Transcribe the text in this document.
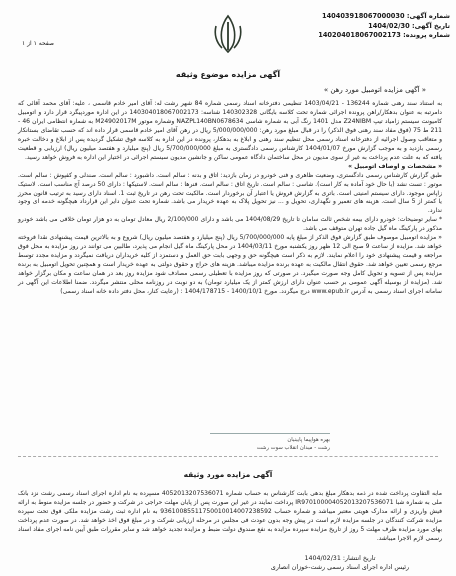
شماره آگهی: 140403918067000030
تاریخ آگهی: 1404/02/30
شماره پرونده: 140204018067002173
صفحه ۱ از ۱
آگهی مزایده موضوع وثیقه
« آگهی مزایده اتومبیل مورد رهن »

به استناد سند رهنی شماره 136244 - 1403/04/21 تنظیمی دفترخانه اسناد رسمی شماره 84 شهر رشت له: آقای امیر خادم قاسمی ، علیه: آقای محمد آقائی که دامرتبه به عنوان بدهکار/راهن پرونده اجرائی شماره تحت کلاسه بایگانی 140302328 شناسه: 140304018067002173 در این اداره موردپیگرد قرار دارد و اتومبیل کامیونت سیستم زامیاد تیپ Z24NIBM مدل 1401 رنگ آبی به شماره شاسی NAZPL140BN0678634 وشماره موتور M24902017M به شماره انتظامی ایران 46 - 211 ط 75 (فوق مفاد سند رهنی فوق الذکر) را در قبال مبلغ مورد رهن: 5/000/000/000 ریال در رهن آقای امیر خادم قاسمی قرار داده اند که حسب تقاضای بستانکار و متعاقب وصول اجرائیه از دفترخانه اسناد رسمی محل تنظیم سند رهنی و ابلاغ به بدهکار، پرونده در این اداره به کلاسه فوق تشکیل گردیده پس از ابلاغ و دخالت خبره رسمی بازدید و به موجب گزارش مورخ 1404/01/07 کارشناس رسمی دادگستری به مبلغ 5/700/000/000 ریال (پنج میلیارد و هفتصد میلیون ریال) ارزیابی و قطعیت یافته که به علت عدم پرداخت به غیر از سوی مدیون در محل ساختمان دادگاه عمومی ساکن و جانشین مدیون سیستم اجرائی در اختیار این اداره به فروش خواهد رسید.

« مشخصات و اوصاف اتومبیل »

طبق گزارش کارشناس رسمی دادگستری، وضعیت ظاهری و فنی خودرو در زمان بازدید: اتاق و بدنه : سالم است. داشبورد : سالم است. صندلی و کفپوش : سالم است. موتور : تست نشد (با حال خود آماده به کار است). شاسی : سالم است. تاریخ اتاق : سالم است. فنرها : سالم است. لاستیکها : دارای 50 درصد آج مناسب است. لاستیک زاپاس موجود. دارای سیستم امنیتی است. باتری به گزارش فروش یا اعتبار آن برخوردار است. مالکیت تحت رهن در تاریخ ثبت 1. اسناد دارای رسید به ترتیب قانون محرز یا کمتر از 5 سال است. هزینه های تعمیر و نگهداری، تحویل و ... نیز تحویل پلاک به عهده خریدار می باشد. شماره تحت عنوان دایر این قرارداد هیچگونه خدمه ای وجود ندارد.

* سایر توضیحات: خودرو دارای بیمه شخص ثالث سامان تا تاریخ 1404/08/29 می باشد و دارای 2/100/000 ریال معادل تومان به دو هزار تومان خلافی می باشد خودرو مذکور در پارکینگ ماه گیل جاده تهران متوقف می باشد.

« مزایده اتومبیل موصوف طبق گزارش فوق الذکر از مبلغ پایه 5/700/000/000 ریال (پنج میلیارد و هفتصد میلیون ریال) شروع و به بالاترین قیمت پیشنهادی نقدا فروخته خواهد شد. مزایده از ساعت 9 صبح الی 12 ظهر روز یکشنبه مورخ 1404/03/11 در محل پارکینگ ماه گیل انجام می پذیرد، طالبین می توانند در روز مزایده به محل فوق مراجعه و قیمت پیشنهادی خود را اعلام نمایند. لازم به ذکر است هیچگونه حق و وجهی بابت حق العمل و دستمزد از کلیه خریداران دریافت نمیگردد و مزایده مجدد توسط مرجع رسمی تعیین خواهد شد. حقوق انتقال مالکیت به عهده برنده مزایده میباشد. هزینه های حراج و حقوق دولتی به عهده خریدار است و همچنین تحویل اتومبیل به برنده مزایده پس از تسویه و تحویل کامل وجه صورت میگیرد. در صورتی که روز مزایده با تعطیلی رسمی مصادف شود مزایده روز بعد در همان ساعت و مکان برگزار خواهد شد. (مزایده از بوسیله آگهی عمومی بر حسب عنوان دارای ارزش کمتر از یک میلیارد تومان) به دو نوبت در روزنامه محلی منتشر میگردد. ضمنا اطلاعات این آگهی در سامانه اجرای اسناد رسمی به آدرس www.epub.ir درج میگردد. مورخ 1400/10/1 - 1404/178715 : (رعایت کنار، محل دفتر داده خانه اسناد رسمی)

بهره هواپیما پایینیان
رشت - میدان انقلاب سوت رشت
آگهی مزایده مورد وثیقه
مابه التفاوت پرداخت شده در ذمه بدهکار مبلغ بدهی بابت کارشناس به حساب شماره 4052013207536071 مسپرده به نام اداره اجرای اسناد رسمی رشت نزد بانک ملی به شماره شبا IR970100004052013207536071 پرداخت نمایند در غیر این صورت پس از پایان مهلت حراجی در شرکت و حضور در جلسه مزایده منوط به ارائه فیش واریزی و ارائه مدارک هویتی معتبر میباشد و شماره حساب 93610085511750010014007238592 به نام اداره ثبت رشت مزایده ملکی فوق تحت سپرده مزایده شرکت کنندگان در جلسه مزایده لازم است در پیش وجه بدون عودت فی مجلس در مرحله ارزیابی شرکت و در مبلغ فوق اخذ خواهد شد. در صورت عدم پرداخت بهای مورد مزایده ظرف مهلت 5 روز از تاریخ مزایده سپرده مزایده به نفع صندوق دولت ضبط و مزایده تجدید خواهد شد و سایر مقررات طبق آیین نامه اجرای مفاد اسناد رسمی لازم الاجرا میباشد.
تاریخ انتشار: 1404/02/31
رئیس اداره اجرای اسناد رسمی رشت-خوزان انصاری
